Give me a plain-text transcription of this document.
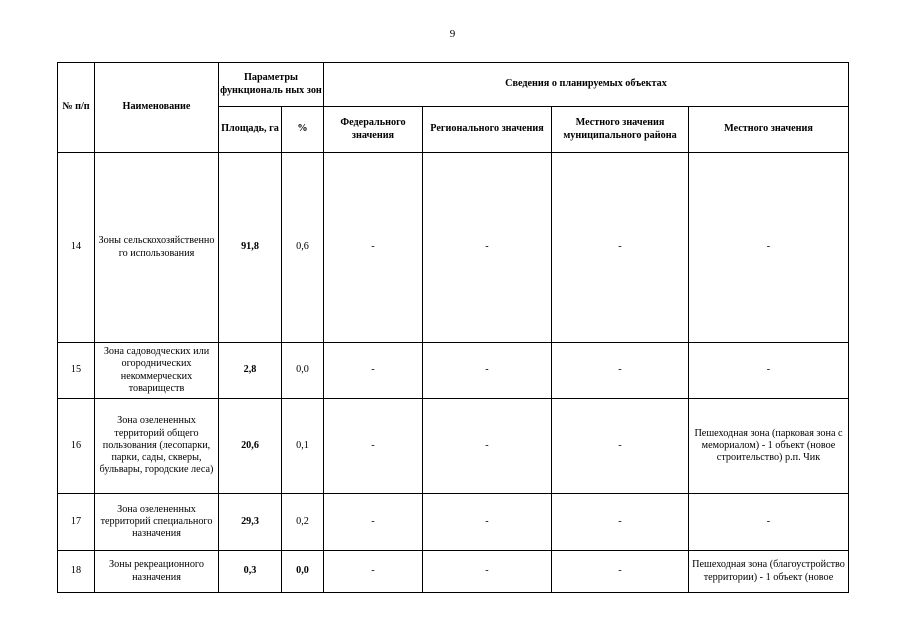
9
№ п/п	Наименование	Параметры функциональ ных зон		Сведения о планируемых объектах			
		Площадь, га	%	Федерального значения	Регионального значения	Местного значения муниципального района	Местного значения
14	Зоны сельскохозяйственно го использования	91,8	0,6	-	-	-	-
15	Зона садоводческих или огороднических некоммерческих товариществ	2,8	0,0	-	-	-	-
16	Зона озелененных территорий общего пользования (лесопарки, парки, сады, скверы, бульвары, городские леса)	20,6	0,1	-	-	-	Пешеходная зона (парковая зона с мемориалом) - 1 объект (новое строительство) р.п. Чик
17	Зона озелененных территорий специального назначения	29,3	0,2	-	-	-	-
18	Зоны рекреационного назначения	0,3	0,0	-	-	-	Пешеходная зона (благоустройство территории) - 1 объект (новое
